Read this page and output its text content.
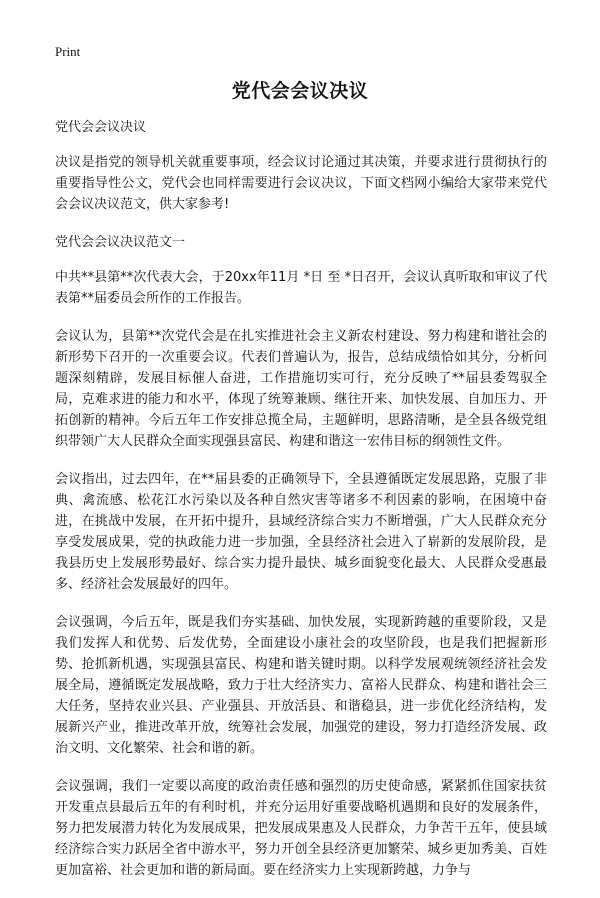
Print
党代会会议决议

党代会会议决议

决议是指党的领导机关就重要事项，经会议讨论通过其决策，并要求进行贯彻执行的重要指导性公文，党代会也同样需要进行会议决议，下面文档网小编给大家带来党代会会议决议范文，供大家参考!

党代会会议决议范文一

中共**县第**次代表大会，于20xx年11月 *日 至 *日召开，会议认真听取和审议了代表第**届委员会所作的工作报告。

会议认为，县第**次党代会是在扎实推进社会主义新农村建设、努力构建和谐社会的新形势下召开的一次重要会议。代表们普遍认为，报告，总结成绩恰如其分，分析问题深刻精辟，发展目标催人奋进，工作措施切实可行，充分反映了**届县委驾驭全局，克难求进的能力和水平，体现了统筹兼顾、继往开来、加快发展、自加压力、开拓创新的精神。今后五年工作安排总揽全局，主题鲜明，思路清晰，是全县各级党组织带领广大人民群众全面实现强县富民、构建和谐这一宏伟目标的纲领性文件。

会议指出，过去四年，在**届县委的正确领导下，全县遵循既定发展思路，克服了非典、禽流感、松花江水污染以及各种自然灾害等诸多不利因素的影响，在困境中奋进，在挑战中发展，在开拓中提升，县域经济综合实力不断增强，广大人民群众充分享受发展成果，党的执政能力进一步加强，全县经济社会进入了崭新的发展阶段，是我县历史上发展形势最好、综合实力提升最快、城乡面貌变化最大、人民群众受惠最多、经济社会发展最好的四年。

会议强调，今后五年，既是我们夯实基础、加快发展，实现新跨越的重要阶段，又是我们发挥人和优势、后发优势，全面建设小康社会的攻坚阶段，也是我们把握新形势、抢抓新机遇，实现强县富民、构建和谐关键时期。以科学发展观统领经济社会发展全局，遵循既定发展战略，致力于壮大经济实力、富裕人民群众、构建和谐社会三大任务，坚持农业兴县、产业强县、开放活县、和谐稳县，进一步优化经济结构，发展新兴产业，推进改革开放，统筹社会发展，加强党的建设，努力打造经济发展、政治文明、文化繁荣、社会和谐的新。

会议强调，我们一定要以高度的政治责任感和强烈的历史使命感，紧紧抓住国家扶贫开发重点县最后五年的有利时机，并充分运用好重要战略机遇期和良好的发展条件，努力把发展潜力转化为发展成果，把发展成果惠及人民群众，力争苦干五年，使县域经济综合实力跃居全省中游水平，努力开创全县经济更加繁荣、城乡更加秀美、百姓更加富裕、社会更加和谐的新局面。要在经济实力上实现新跨越，力争与
